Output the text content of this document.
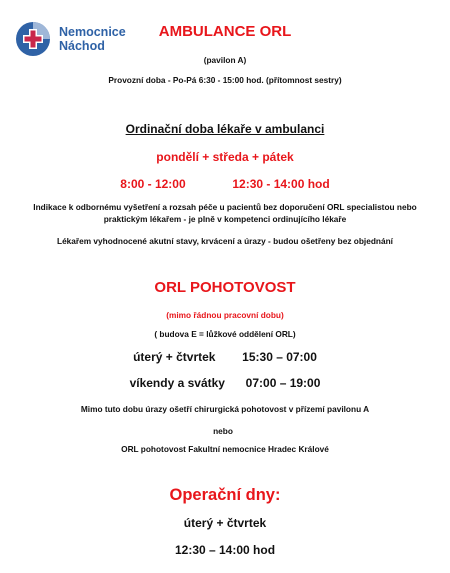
Nemocnice
Náchod
AMBULANCE ORL
(pavilon A)
Provozní doba - Po-Pá 6:30 - 15:00 hod. (přítomnost sestry)
Ordinační doba lékaře v ambulanci
pondělí + středa + pátek
8:00 - 12:00	12:30 - 14:00 hod
Indikace k odbornému vyšetření a rozsah péče u pacientů bez doporučení ORL specialistou nebo praktickým lékařem - je plně v kompetenci ordinujícího lékaře
Lékařem vyhodnocené akutní stavy, krvácení a úrazy - budou ošetřeny bez objednání
ORL POHOTOVOST
(mimo řádnou pracovní dobu)
( budova E = lůžkové oddělení ORL)
úterý + čtvrtek 15:30 – 07:00
víkendy a svátky 07:00 – 19:00
Mimo tuto dobu úrazy ošetří chirurgická pohotovost v přízemí pavilonu A
nebo
ORL pohotovost Fakultní nemocnice Hradec Králové
Operační dny:
úterý + čtvrtek
12:30 – 14:00 hod
